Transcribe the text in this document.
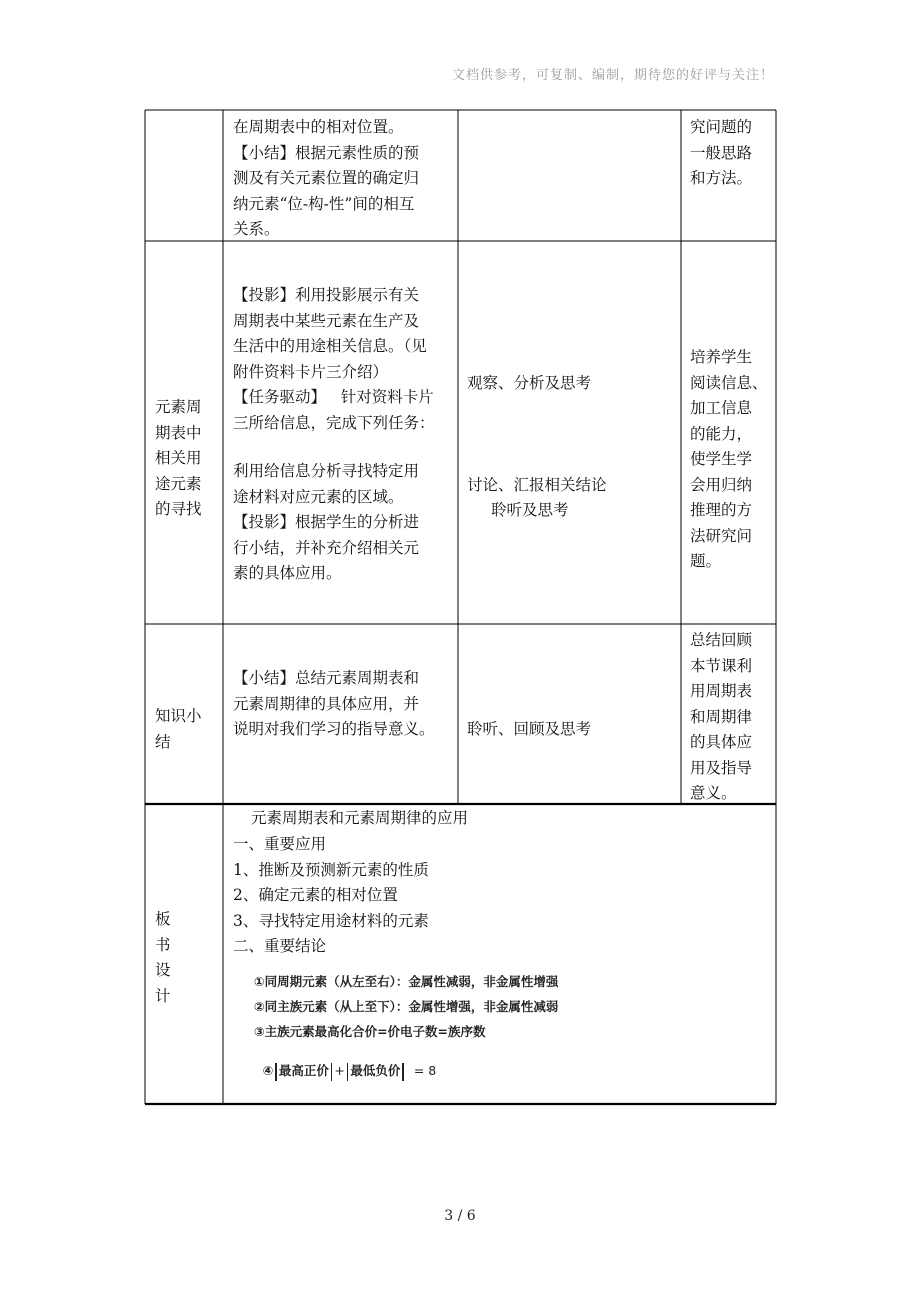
文档供参考，可复制、编制，期待您的好评与关注！
在周期表中的相对位置。
【小结】根据元素性质的预
测及有关元素位置的确定归
纳元素“位-构-性”间的相互
关系。
究问题的
一般思路
和方法。
元素周
期表中
相关用
途元素
的寻找
【投影】利用投影展示有关
周期表中某些元素在生产及
生活中的用途相关信息。（见
附件资料卡片三介绍）
【任务驱动】   针对资料卡片
三所给信息，完成下列任务：
利用给信息分析寻找特定用
途材料对应元素的区域。
【投影】根据学生的分析进
行小结，并补充介绍相关元
素的具体应用。
观察、分析及思考
讨论、汇报相关结论
聆听及思考
培养学生
阅读信息、
加工信息
的能力，
使学生学
会用归纳
推理的方
法研究问
题。
知识小
结
【小结】总结元素周期表和
元素周期律的具体应用，并
说明对我们学习的指导意义。 聆听、回顾及思考
总结回顾
本节课利
用周期表
和周期律
的具体应
用及指导
意义。
板
书
设
计
元素周期表和元素周期律的应用
一、重要应用
1、推断及预测新元素的性质
2、确定元素的相对位置
3、寻找特定用途材料的元素
二、重要结论
①同周期元素（从左至右）：金属性减弱，非金属性增强
②同主族元素（从上至下）：金属性增强，非金属性减弱
③主族元素最高化合价=价电子数=族序数

④ 最高正价 + 最低负价 = 8

3 / 6
